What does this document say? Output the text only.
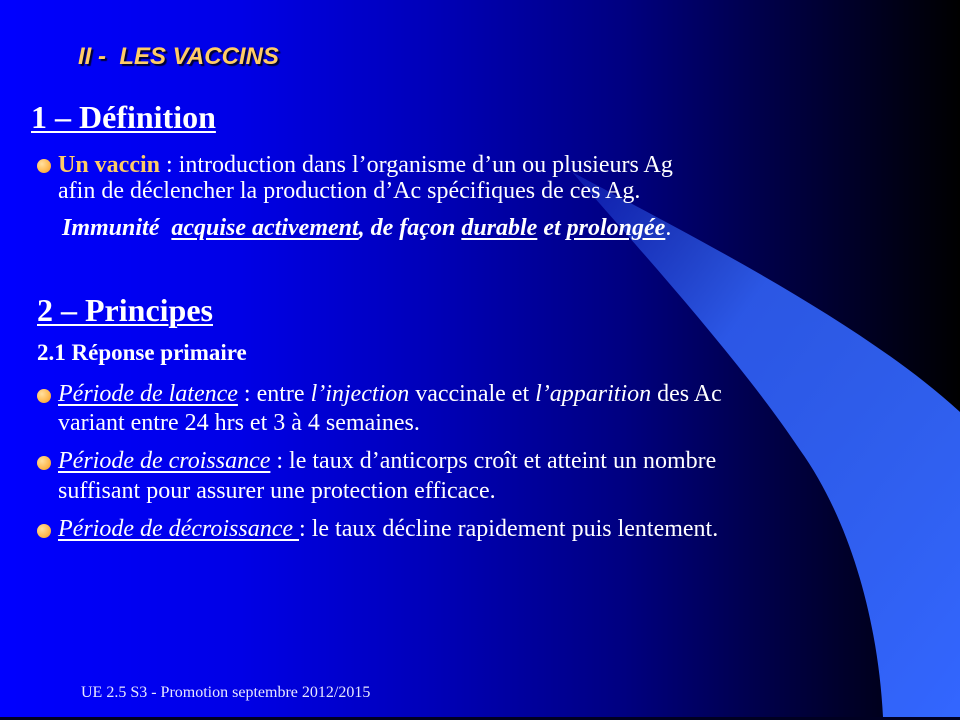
II -  LES VACCINS
1 – Définition
Un vaccin : introduction dans l’organisme d’un ou plusieurs Ag
afin de déclencher la production d’Ac spécifiques de ces Ag.
Immunité  acquise activement, de façon durable et prolongée.
2 – Principes
2.1 Réponse primaire
Période de latence : entre l’injection vaccinale et l’apparition des Ac
variant entre 24 hrs et 3 à 4 semaines.
Période de croissance : le taux d’anticorps croît et atteint un nombre
suffisant pour assurer une protection efficace.
Période de décroissance : le taux décline rapidement puis lentement.
UE 2.5 S3 - Promotion septembre 2012/2015
